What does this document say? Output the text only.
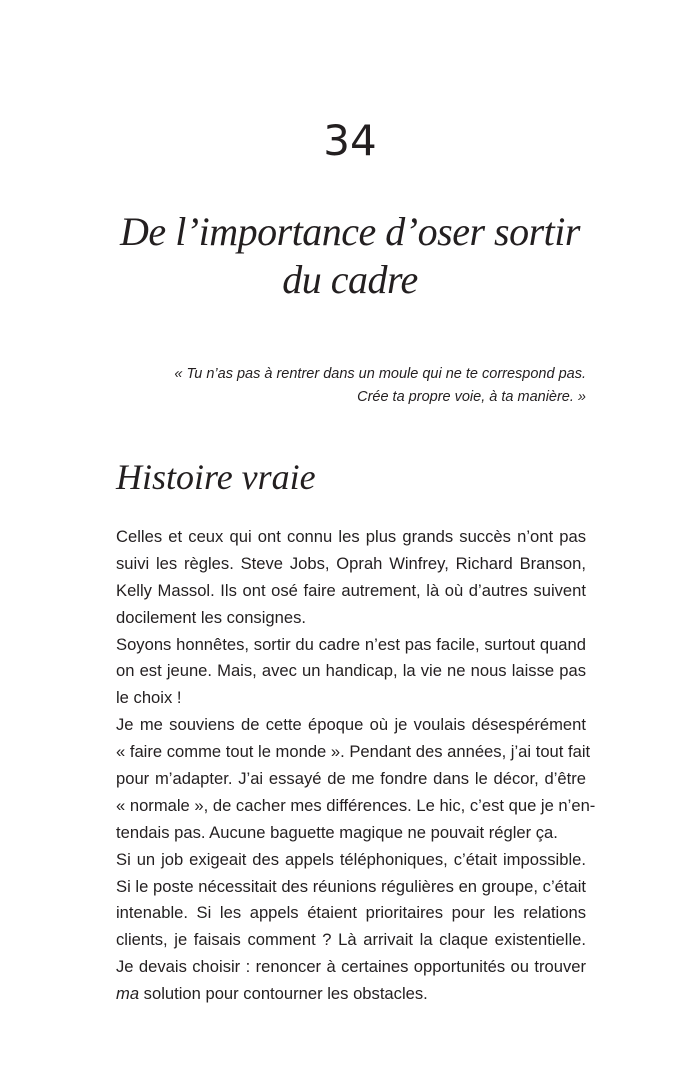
34
De l’importance d’oser sortir
du cadre
« Tu n’as pas à rentrer dans un moule qui ne te correspond pas.
Crée ta propre voie, à ta manière. »
Histoire vraie
Celles et ceux qui ont connu les plus grands succès n’ont pas
suivi les règles. Steve Jobs, Oprah Winfrey, Richard Branson,
Kelly Massol. Ils ont osé faire autrement, là où d’autres suivent
docilement les consignes.
Soyons honnêtes, sortir du cadre n’est pas facile, surtout quand
on est jeune. Mais, avec un handicap, la vie ne nous laisse pas
le choix !
Je me souviens de cette époque où je voulais désespérément
« faire comme tout le monde ». Pendant des années, j’ai tout fait
pour m’adapter. J’ai essayé de me fondre dans le décor, d’être
« normale », de cacher mes différences. Le hic, c’est que je n’en-
tendais pas. Aucune baguette magique ne pouvait régler ça.
Si un job exigeait des appels téléphoniques, c’était impossible.
Si le poste nécessitait des réunions régulières en groupe, c’était
intenable. Si les appels étaient prioritaires pour les relations
clients, je faisais comment ? Là arrivait la claque existentielle.
Je devais choisir : renoncer à certaines opportunités ou trouver
ma solution pour contourner les obstacles.
